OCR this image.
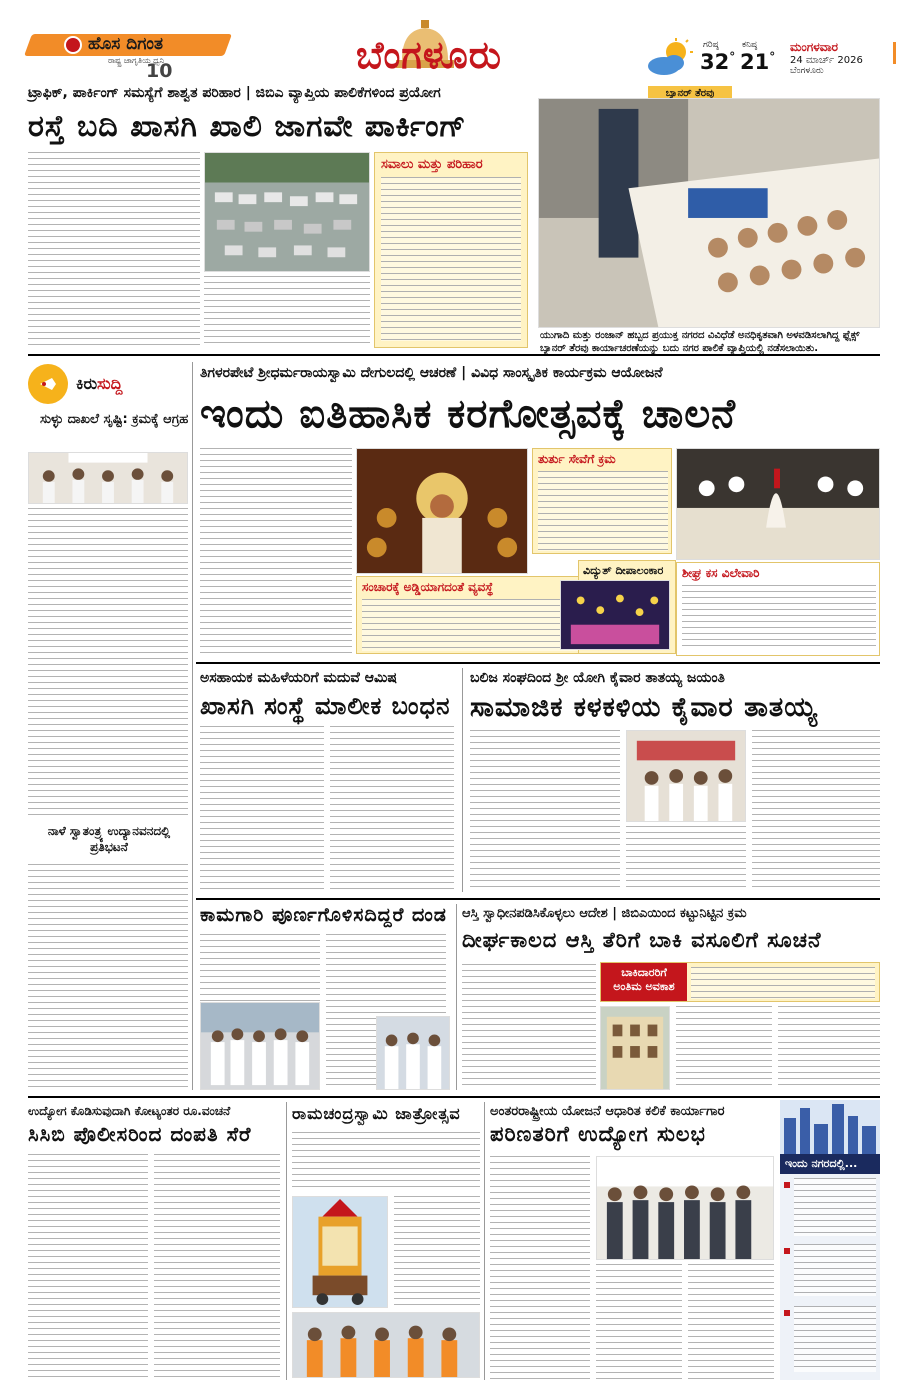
ಹೊಸ ದಿಗಂತ
ರಾಷ್ಟ್ರ ಜಾಗೃತಿಯ ಧ್ವನಿ
10	ಬೆಂಗಳೂರು	ಗರಿಷ್ಠ
32°
ಕನಿಷ್ಠ
21°
ಮಂಗಳವಾರ
24 ಮಾರ್ಚ್ 2026
ಬೆಂಗಳೂರು
ಟ್ರಾಫಿಕ್, ಪಾರ್ಕಿಂಗ್ ಸಮಸ್ಯೆಗೆ ಶಾಶ್ವತ ಪರಿಹಾರ | ಜಿಬಿಎ ವ್ಯಾಪ್ತಿಯ ಪಾಲಿಕೆಗಳಿಂದ ಪ್ರಯೋಗ
ರಸ್ತೆ ಬದಿ ಖಾಸಗಿ ಖಾಲಿ ಜಾಗವೇ ಪಾರ್ಕಿಂಗ್
ಸವಾಲು ಮತ್ತು ಪರಿಹಾರ
ಬ್ಯಾನರ್ ತೆರವು
ಯುಗಾದಿ ಮತ್ತು ರಂಜಾನ್ ಹಬ್ಬದ ಪ್ರಯುಕ್ತ ನಗರದ ವಿವಿಧೆಡೆ ಅನಧಿಕೃತವಾಗಿ ಅಳವಡಿಸಲಾಗಿದ್ದ ಫ್ಲೆಕ್ಸ್ ಬ್ಯಾನರ್ ತೆರವು ಕಾರ್ಯಾಚರಣೆಯನ್ನು ಬದು ನಗರ ಪಾಲಿಕೆ ವ್ಯಾಪ್ತಿಯಲ್ಲಿ ನಡೆಸಲಾಯಿತು.
ಕಿರುಸುದ್ದಿ
ಸುಳ್ಳು ದಾಖಲೆ ಸೃಷ್ಟಿ: ಕ್ರಮಕ್ಕೆ ಆಗ್ರಹ
ನಾಳೆ ಸ್ವಾತಂತ್ರ್ಯ ಉದ್ಯಾನವನದಲ್ಲಿ ಪ್ರತಿಭಟನೆ
ತಿಗಳರಪೇಟೆ ಶ್ರೀಧರ್ಮರಾಯಸ್ವಾಮಿ ದೇಗುಲದಲ್ಲಿ ಆಚರಣೆ | ವಿವಿಧ ಸಾಂಸ್ಕೃತಿಕ ಕಾರ್ಯಕ್ರಮ ಆಯೋಜನೆ
ಇಂದು ಐತಿಹಾಸಿಕ ಕರಗೋತ್ಸವಕ್ಕೆ ಚಾಲನೆ
ತುರ್ತು ಸೇವೆಗೆ ಕ್ರಮ
ಸಂಚಾರಕ್ಕೆ ಅಡ್ಡಿಯಾಗದಂತೆ ವ್ಯವಸ್ಥೆ
ವಿದ್ಯುತ್ ದೀಪಾಲಂಕಾರ	ಶೀಘ್ರ ಕಸ ವಿಲೇವಾರಿ
ಅಸಹಾಯಕ ಮಹಿಳೆಯರಿಗೆ ಮದುವೆ ಆಮಿಷ
ಖಾಸಗಿ ಸಂಸ್ಥೆ ಮಾಲೀಕ ಬಂಧನ
ಬಲಿಜ ಸಂಘದಿಂದ ಶ್ರೀ ಯೋಗಿ ಕೈವಾರ ತಾತಯ್ಯ ಜಯಂತಿ
ಸಾಮಾಜಿಕ ಕಳಕಳಿಯ ಕೈವಾರ ತಾತಯ್ಯ
ಕಾಮಗಾರಿ ಪೂರ್ಣಗೊಳಿಸದಿದ್ದರೆ ದಂಡ ಆಸ್ತಿ ಸ್ವಾಧೀನಪಡಿಸಿಕೊಳ್ಳಲು ಆದೇಶ | ಜಿಬಿಎಯಿಂದ ಕಟ್ಟುನಿಟ್ಟಿನ ಕ್ರಮ
ದೀರ್ಘಕಾಲದ ಆಸ್ತಿ ತೆರಿಗೆ ಬಾಕಿ ವಸೂಲಿಗೆ ಸೂಚನೆ
ಬಾಕಿದಾರರಿಗೆ
ಅಂತಿಮ ಅವಕಾಶ
ಉದ್ಯೋಗ ಕೊಡಿಸುವುದಾಗಿ ಕೋಟ್ಯಂತರ ರೂ.ವಂಚನೆ
ಸಿಸಿಬಿ ಪೊಲೀಸರಿಂದ ದಂಪತಿ ಸೆರೆ
ರಾಮಚಂದ್ರಸ್ವಾಮಿ ಜಾತ್ರೋತ್ಸವ ಅಂತರರಾಷ್ಟ್ರೀಯ ಯೋಜನೆ ಆಧಾರಿತ ಕಲಿಕೆ ಕಾರ್ಯಾಗಾರ
ಪರಿಣತರಿಗೆ ಉದ್ಯೋಗ ಸುಲಭ
ಇಂದು ನಗರದಲ್ಲಿ...
